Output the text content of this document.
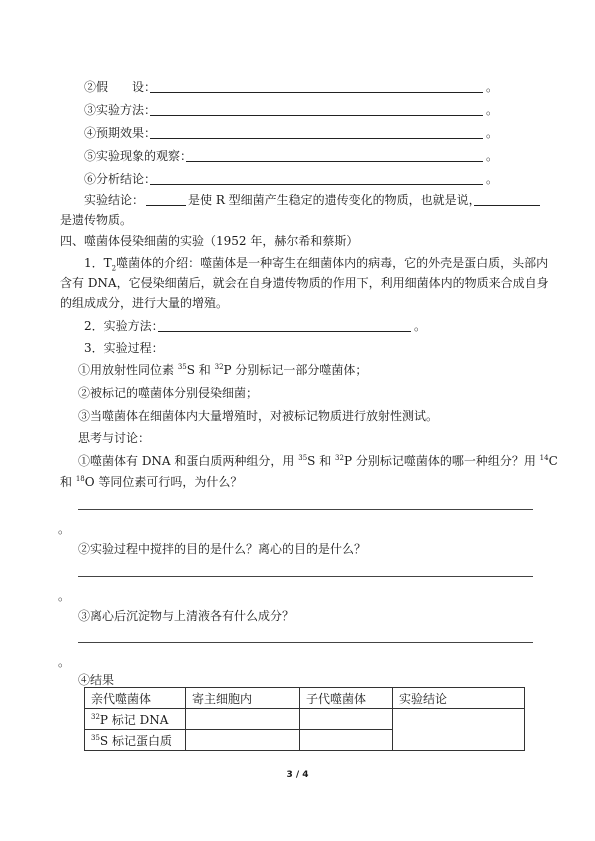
②假　　设：	。
③实验方法：	。
④预期效果：	。
⑤实验现象的观察：	。
⑥分析结论：	。
实验结论：	是使 R 型细菌产生稳定的遗传变化的物质，也就是说，
是遗传物质。
四、噬菌体侵染细菌的实验（1952 年，赫尔希和蔡斯）
1．$T_2$噬菌体的介绍：噬菌体是一种寄生在细菌体内的病毒，它的外壳是蛋白质，头部内
含有 DNA，它侵染细菌后，就会在自身遗传物质的作用下，利用细菌体内的物质来合成自身
的组成成分，进行大量的增殖。
2．实验方法：	。
3．实验过程：
①用放射性同位素 $^{35}$S 和 $^{32}$P 分别标记一部分噬菌体；
②被标记的噬菌体分别侵染细菌；
③当噬菌体在细菌体内大量增殖时，对被标记物质进行放射性测试。
思考与讨论：
①噬菌体有 DNA 和蛋白质两种组分，用 $^{35}$S 和 $^{32}$P 分别标记噬菌体的哪一种组分？用 $^{14}$C
和 $^{18}$O 等同位素可行吗，为什么？
。
②实验过程中搅拌的目的是什么？离心的目的是什么？
。
③离心后沉淀物与上清液各有什么成分？
。
④结果
亲代噬菌体	寄主细胞内	子代噬菌体	实验结论
$^{32}$P 标记 DNA			
$^{35}$S 标记蛋白质			
3 / 4
